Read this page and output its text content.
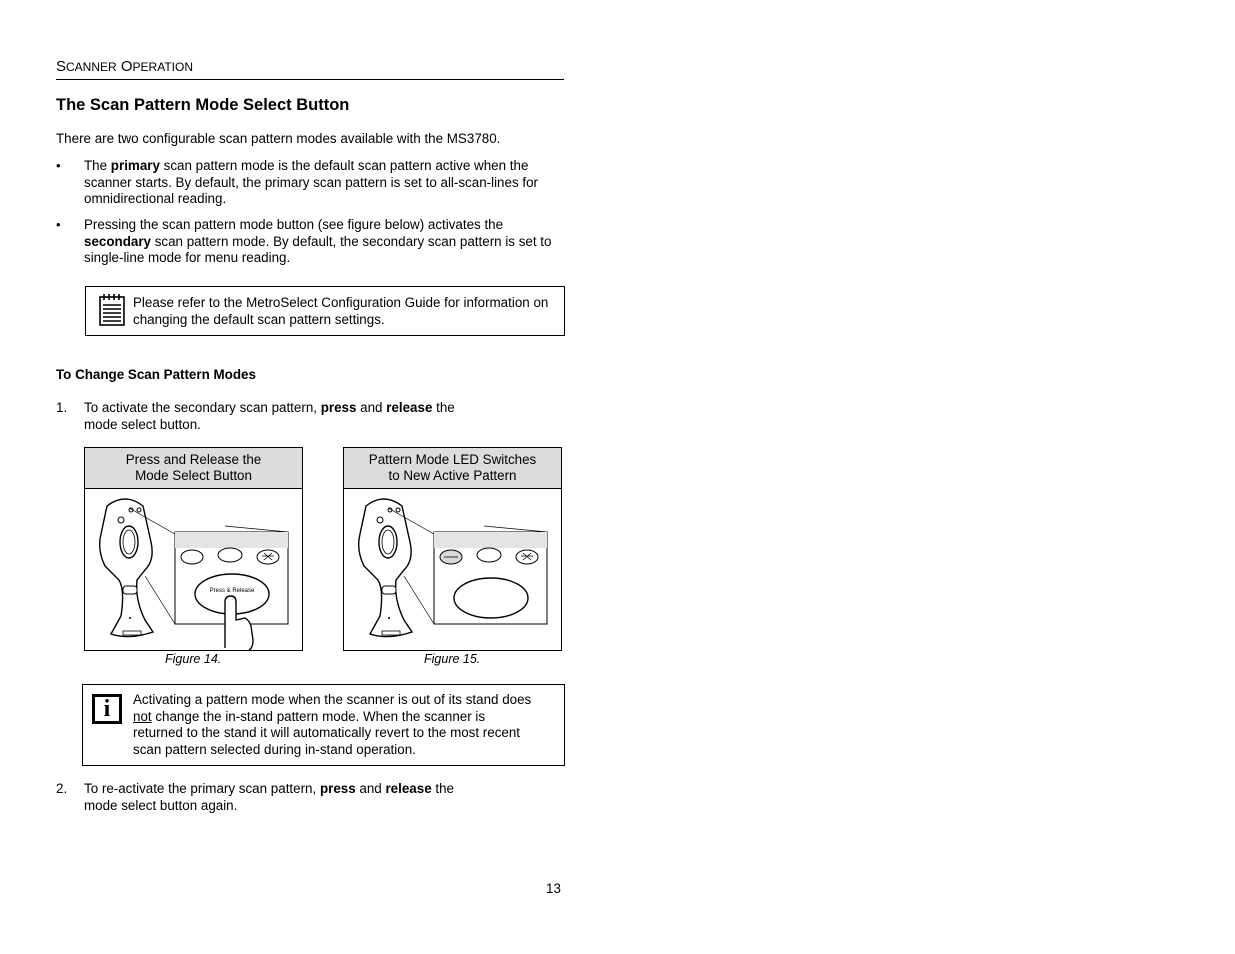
SCANNER OPERATION
The Scan Pattern Mode Select Button
There are two configurable scan pattern modes available with the MS3780.
• The primary scan pattern mode is the default scan pattern active when the scanner starts. By default, the primary scan pattern is set to all-scan-lines for omnidirectional reading.
• Pressing the scan pattern mode button (see figure below) activates the secondary scan pattern mode. By default, the secondary scan pattern is set to single-line mode for menu reading.
Please refer to the MetroSelect Configuration Guide for information on changing the default scan pattern settings.
To Change Scan Pattern Modes
1. To activate the secondary scan pattern, press and release the
mode select button.
Press and Release the
Mode Select Button
Press & Release
Figure 14.
Pattern Mode LED Switches
to New Active Pattern
Figure 15.
i	Activating a pattern mode when the scanner is out of its stand does
not change the in-stand pattern mode. When the scanner is
returned to the stand it will automatically revert to the most recent
scan pattern selected during in-stand operation.
2. To re-activate the primary scan pattern, press and release the
mode select button again.
13
